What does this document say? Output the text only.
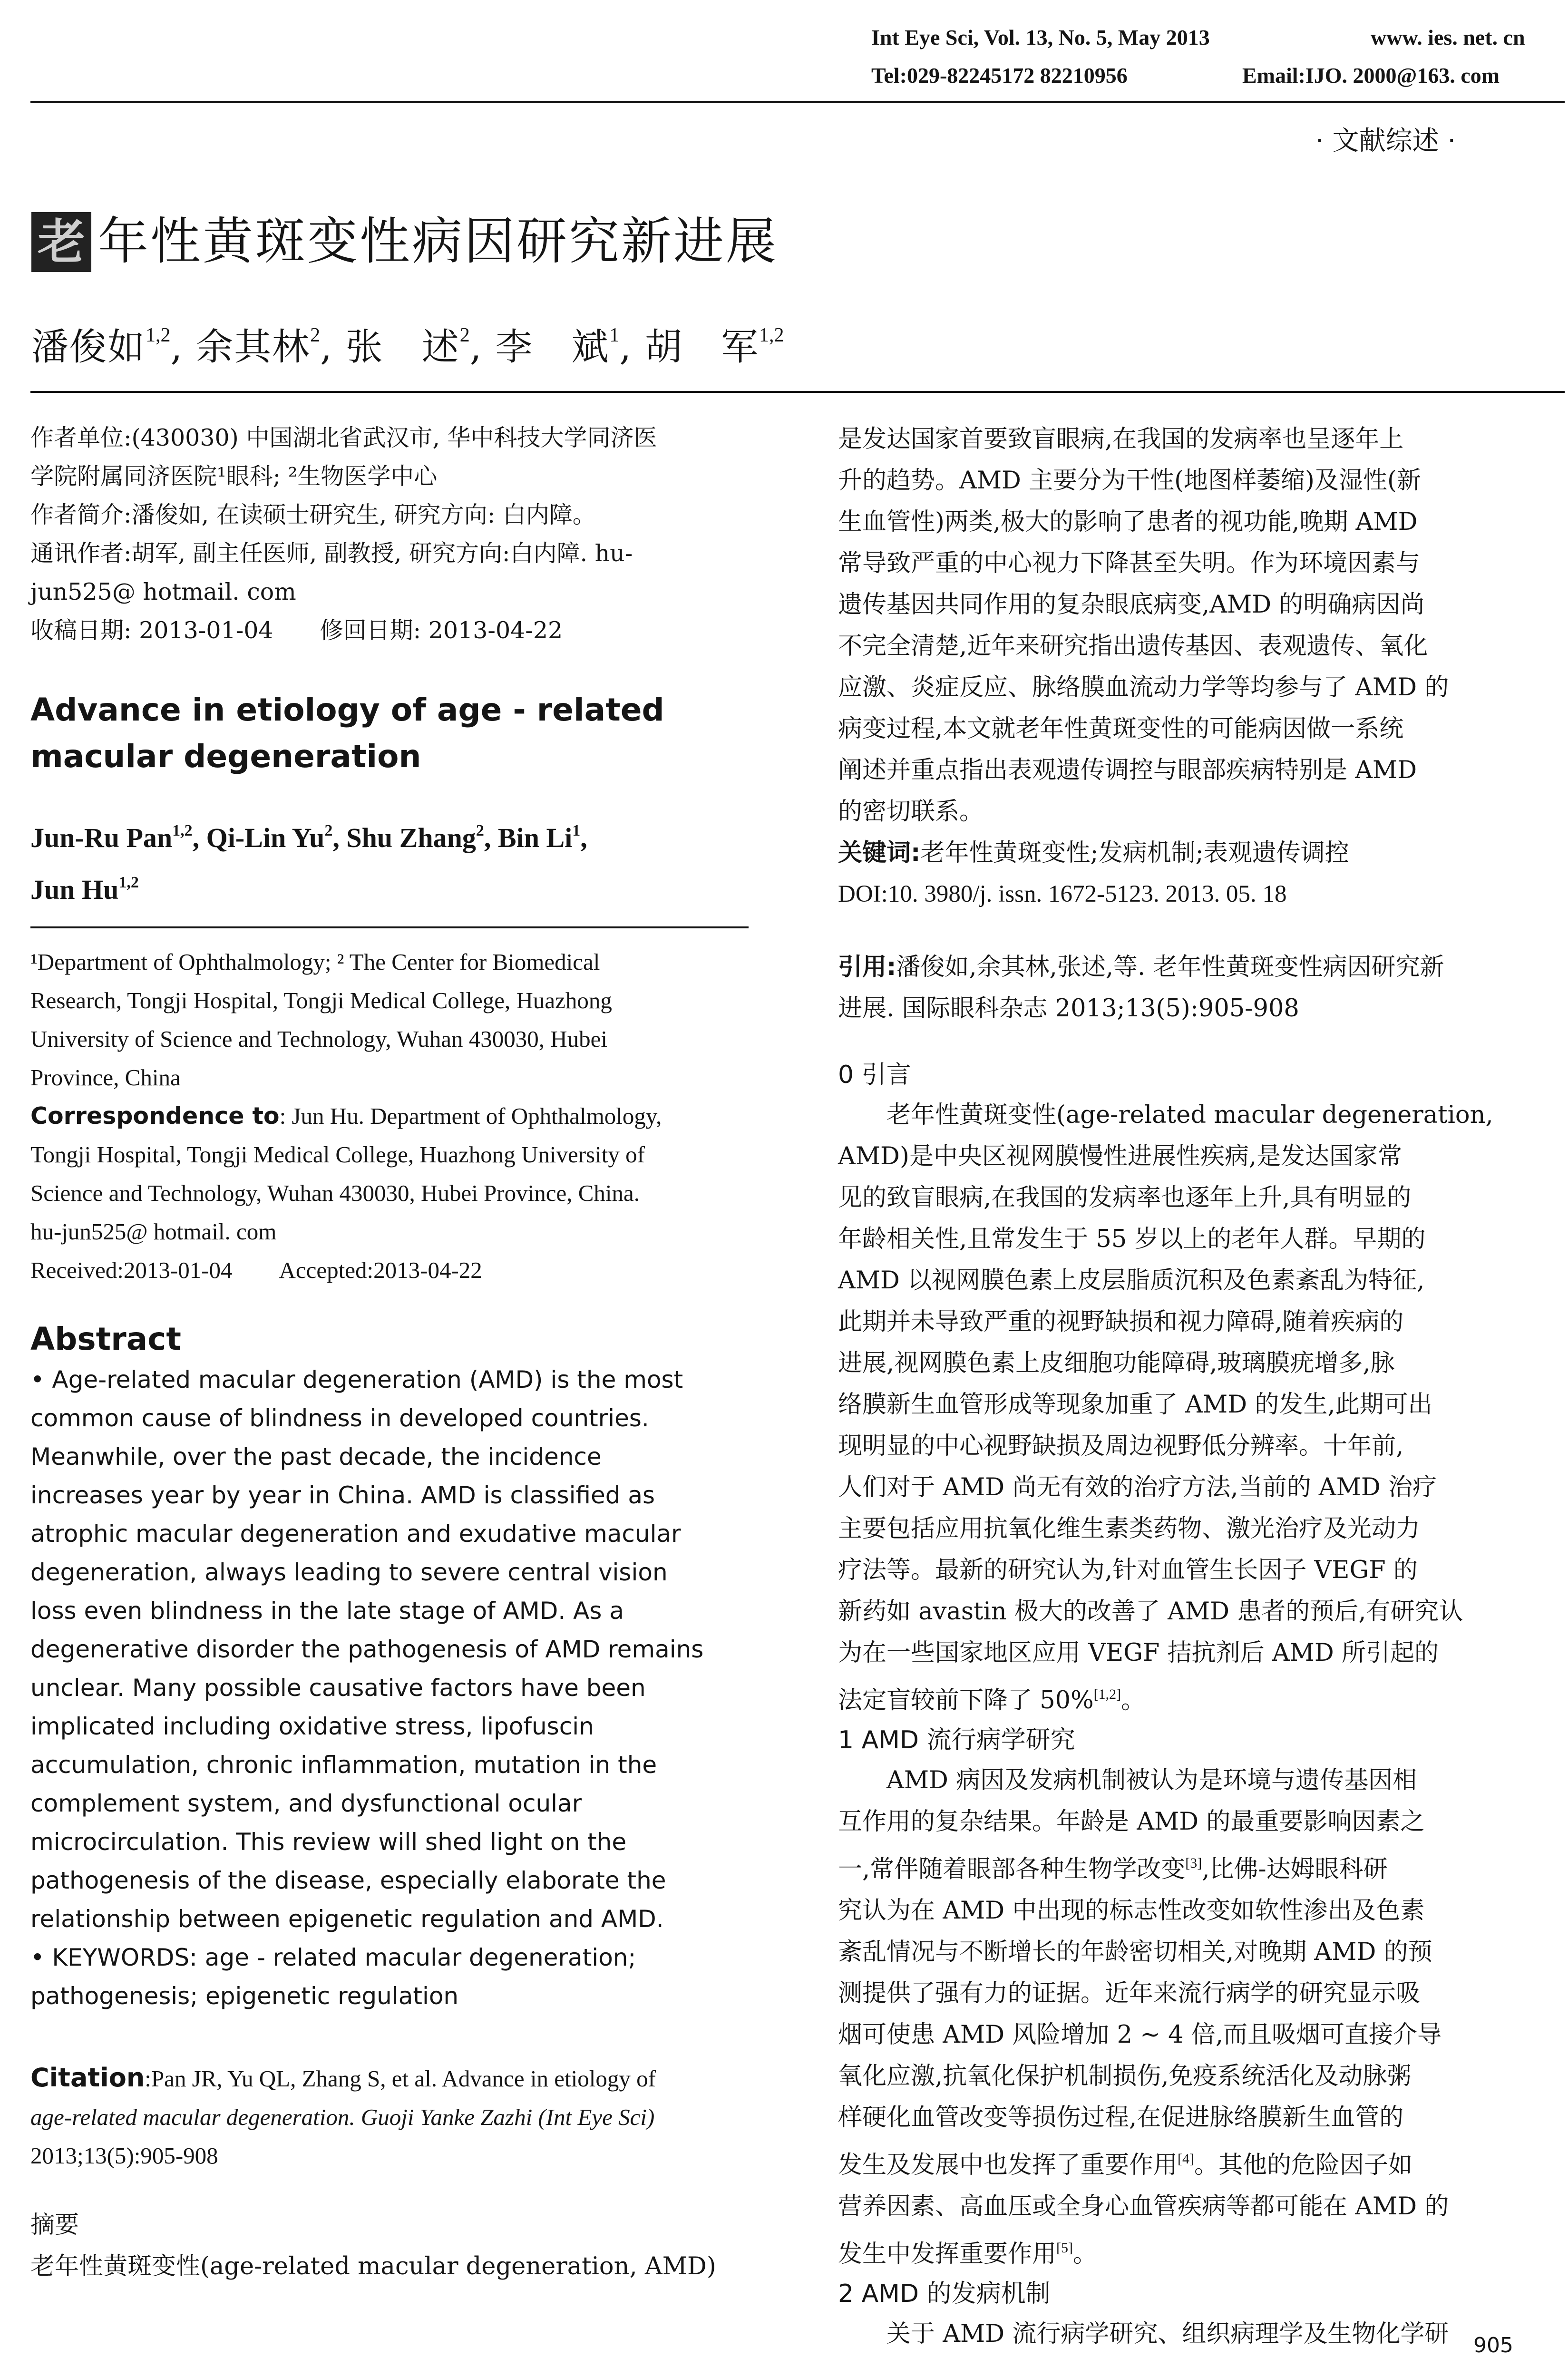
Int Eye Sci, Vol. 13, No. 5, May 2013	www. ies. net. cn
Tel:029-82245172 82210956	Email:IJO. 2000@163. com
· 文献综述 ·
老 年性黄斑变性病因研究新进展
潘俊如$^{1,2}$, 余其林$^2$, 张　述$^2$, 李　斌$^1$, 胡　军$^{1,2}$
作者单位:(430030) 中国湖北省武汉市, 华中科技大学同济医
学院附属同济医院¹眼科; ²生物医学中心
作者简介:潘俊如, 在读硕士研究生, 研究方向: 白内障。
通讯作者:胡军, 副主任医师, 副教授, 研究方向:白内障. hu-
jun525@ hotmail. com
收稿日期: 2013-01-04　　修回日期: 2013-04-22
Advance in etiology of age - related
macular degeneration
Jun-Ru Pan$^{1,2}$, Qi-Lin Yu$^2$, Shu Zhang$^2$, Bin Li$^1$,
Jun Hu$^{1,2}$
¹Department of Ophthalmology; ² The Center for Biomedical
Research, Tongji Hospital, Tongji Medical College, Huazhong
University of Science and Technology, Wuhan 430030, Hubei
Province, China
Correspondence to: Jun Hu. Department of Ophthalmology,
Tongji Hospital, Tongji Medical College, Huazhong University of
Science and Technology, Wuhan 430030, Hubei Province, China.
hu-jun525@ hotmail. com
Received:2013-01-04　　Accepted:2013-04-22
Abstract
• Age-related macular degeneration (AMD) is the most
common cause of blindness in developed countries.
Meanwhile, over the past decade, the incidence
increases year by year in China. AMD is classified as
atrophic macular degeneration and exudative macular
degeneration, always leading to severe central vision
loss even blindness in the late stage of AMD. As a
degenerative disorder the pathogenesis of AMD remains
unclear. Many possible causative factors have been
implicated including oxidative stress, lipofuscin
accumulation, chronic inflammation, mutation in the
complement system, and dysfunctional ocular
microcirculation. This review will shed light on the
pathogenesis of the disease, especially elaborate the
relationship between epigenetic regulation and AMD.
• KEYWORDS: age - related macular degeneration;
pathogenesis; epigenetic regulation
Citation:Pan JR, Yu QL, Zhang S, et al. Advance in etiology of
age-related macular degeneration. Guoji Yanke Zazhi (Int Eye Sci)
2013;13(5):905-908
摘要
老年性黄斑变性(age-related macular degeneration, AMD)
是发达国家首要致盲眼病,在我国的发病率也呈逐年上
升的趋势。AMD 主要分为干性(地图样萎缩)及湿性(新
生血管性)两类,极大的影响了患者的视功能,晚期 AMD
常导致严重的中心视力下降甚至失明。作为环境因素与
遗传基因共同作用的复杂眼底病变,AMD 的明确病因尚
不完全清楚,近年来研究指出遗传基因、表观遗传、氧化
应激、炎症反应、脉络膜血流动力学等均参与了 AMD 的
病变过程,本文就老年性黄斑变性的可能病因做一系统
阐述并重点指出表观遗传调控与眼部疾病特别是 AMD
的密切联系。
关键词:老年性黄斑变性;发病机制;表观遗传调控
DOI:10. 3980/j. issn. 1672-5123. 2013. 05. 18
引用:潘俊如,余其林,张述,等. 老年性黄斑变性病因研究新
进展. 国际眼科杂志 2013;13(5):905-908
0 引言
　　老年性黄斑变性(age-related macular degeneration,
AMD)是中央区视网膜慢性进展性疾病,是发达国家常
见的致盲眼病,在我国的发病率也逐年上升,具有明显的
年龄相关性,且常发生于 55 岁以上的老年人群。早期的
AMD 以视网膜色素上皮层脂质沉积及色素紊乱为特征,
此期并未导致严重的视野缺损和视力障碍,随着疾病的
进展,视网膜色素上皮细胞功能障碍,玻璃膜疣增多,脉
络膜新生血管形成等现象加重了 AMD 的发生,此期可出
现明显的中心视野缺损及周边视野低分辨率。十年前,
人们对于 AMD 尚无有效的治疗方法,当前的 AMD 治疗
主要包括应用抗氧化维生素类药物、激光治疗及光动力
疗法等。最新的研究认为,针对血管生长因子 VEGF 的
新药如 avastin 极大的改善了 AMD 患者的预后,有研究认
为在一些国家地区应用 VEGF 拮抗剂后 AMD 所引起的
法定盲较前下降了 50%[1,2]。
1 AMD 流行病学研究
　　AMD 病因及发病机制被认为是环境与遗传基因相
互作用的复杂结果。年龄是 AMD 的最重要影响因素之
一,常伴随着眼部各种生物学改变[3],比佛-达姆眼科研
究认为在 AMD 中出现的标志性改变如软性渗出及色素
紊乱情况与不断增长的年龄密切相关,对晚期 AMD 的预
测提供了强有力的证据。近年来流行病学的研究显示吸
烟可使患 AMD 风险增加 2 ~ 4 倍,而且吸烟可直接介导
氧化应激,抗氧化保护机制损伤,免疫系统活化及动脉粥
样硬化血管改变等损伤过程,在促进脉络膜新生血管的
发生及发展中也发挥了重要作用[4]。其他的危险因子如
营养因素、高血压或全身心血管疾病等都可能在 AMD 的
发生中发挥重要作用[5]。
2 AMD 的发病机制
　　关于 AMD 流行病学研究、组织病理学及生物化学研	905
